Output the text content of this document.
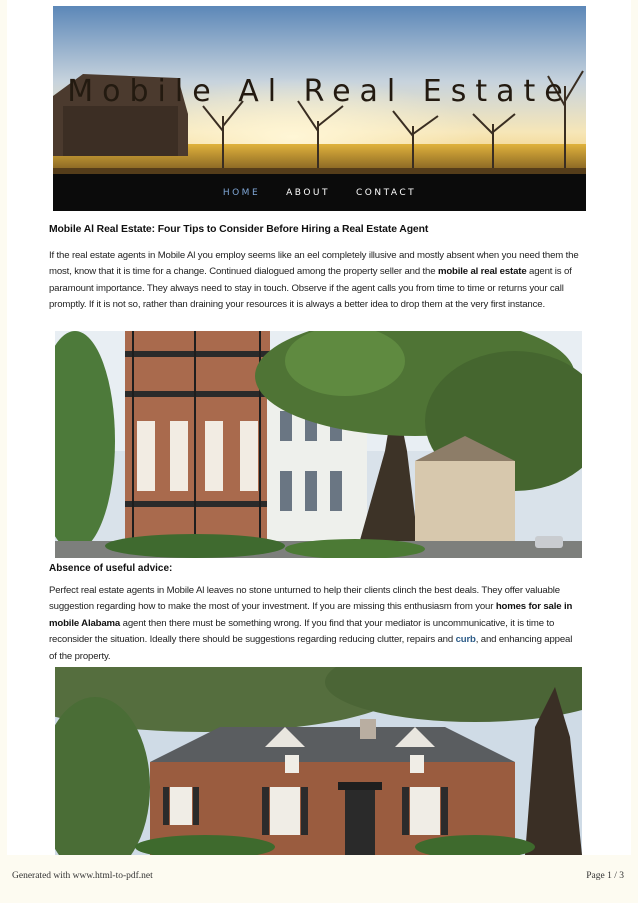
Mobile Al Real Estate
HOME	ABOUT	CONTACT
Mobile Al Real Estate: Four Tips to Consider Before Hiring a Real Estate Agent

If the real estate agents in Mobile Al you employ seems like an eel completely illusive and mostly absent when you need them the most, know that it is time for a change. Continued dialogued among the property seller and the mobile al real estate agent is of paramount importance. They always need to stay in touch. Observe if the agent calls you from time to time or returns your call promptly. If it is not so, rather than draining your resources it is always a better idea to drop them at the very first instance.

Absence of useful advice:

Perfect real estate agents in Mobile Al leaves no stone unturned to help their clients clinch the best deals. They offer valuable suggestion regarding how to make the most of your investment. If you are missing this enthusiasm from your homes for sale in mobile Alabama agent then there must be something wrong. If you find that your mediator is uncommunicative, it is time to reconsider the situation. Ideally there should be suggestions regarding reducing clutter, repairs and curb, and enhancing appeal of the property.

Generated with www.html-to-pdf.net	Page 1 / 3
